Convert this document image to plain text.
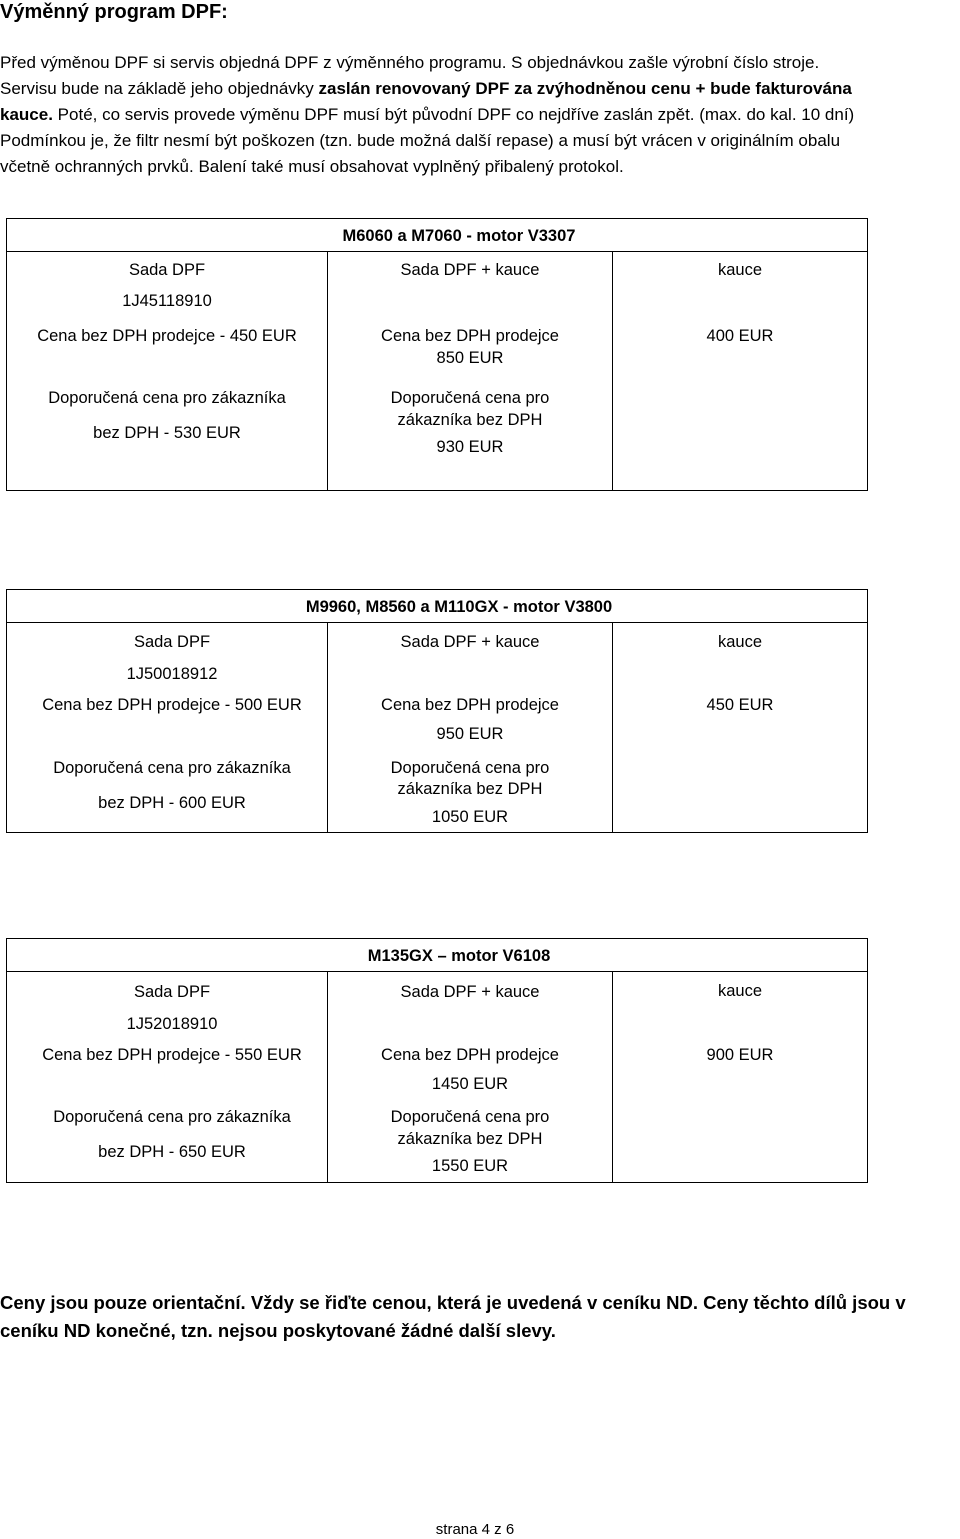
Výměnný program DPF:
Před výměnou DPF si servis objedná DPF z výměnného programu. S objednávkou zašle výrobní číslo stroje.
Servisu bude na základě jeho objednávky zaslán renovovaný DPF za zvýhodněnou cenu + bude fakturována
kauce. Poté, co servis provede výměnu DPF musí být původní DPF co nejdříve zaslán zpět. (max. do kal. 10 dní)
Podmínkou je, že filtr nesmí být poškozen (tzn. bude možná další repase) a musí být vrácen v originálním obalu
včetně ochranných prvků. Balení také musí obsahovat vyplněný přibalený protokol.
M6060 a M7060 - motor V3307
Sada DPF
1J45118910
Cena bez DPH prodejce - 450 EUR
Doporučená cena pro zákazníka
bez DPH - 530 EUR
Sada DPF + kauce
Cena bez DPH prodejce
850 EUR
Doporučená cena pro
zákazníka bez DPH
930 EUR
kauce
400 EUR
M9960, M8560 a M110GX - motor V3800
Sada DPF
1J50018912
Cena bez DPH prodejce - 500 EUR
Doporučená cena pro zákazníka
bez DPH - 600 EUR
Sada DPF + kauce
Cena bez DPH prodejce
950 EUR
Doporučená cena pro
zákazníka bez DPH
1050 EUR
kauce
450 EUR
M135GX – motor V6108
Sada DPF
1J52018910
Cena bez DPH prodejce - 550 EUR
Doporučená cena pro zákazníka
bez DPH - 650 EUR
Sada DPF + kauce
Cena bez DPH prodejce
1450 EUR
Doporučená cena pro
zákazníka bez DPH
1550 EUR
kauce
900 EUR
Ceny jsou pouze orientační. Vždy se řiďte cenou, která je uvedená v ceníku ND. Ceny těchto dílů jsou v
ceníku ND konečné, tzn. nejsou poskytované žádné další slevy.
strana 4 z 6
